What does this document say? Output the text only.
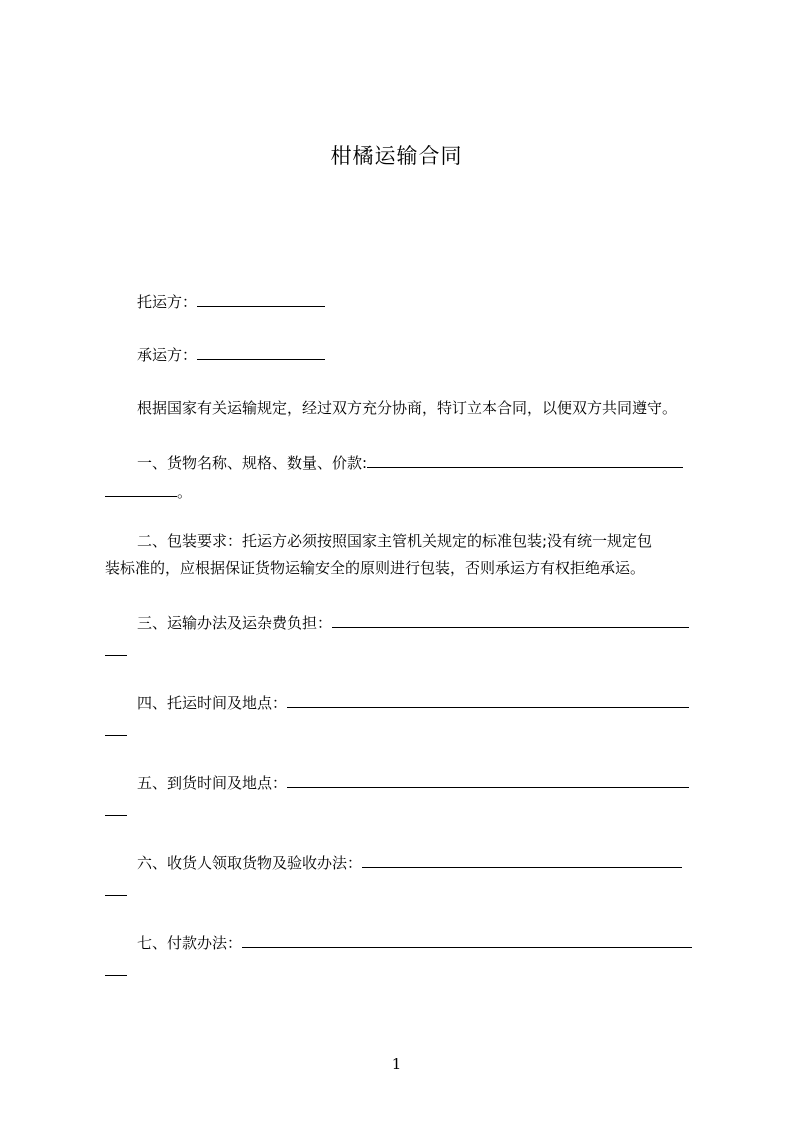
柑橘运输合同
托运方：
承运方：
根据国家有关运输规定，经过双方充分协商，特订立本合同，以便双方共同遵守。
一、货物名称、规格、数量、价款:
。
二、包装要求：托运方必须按照国家主管机关规定的标准包装;没有统一规定包
装标准的，应根据保证货物运输安全的原则进行包装，否则承运方有权拒绝承运。
三、运输办法及运杂费负担：
四、托运时间及地点：
五、到货时间及地点：
六、收货人领取货物及验收办法：
七、付款办法：
1
